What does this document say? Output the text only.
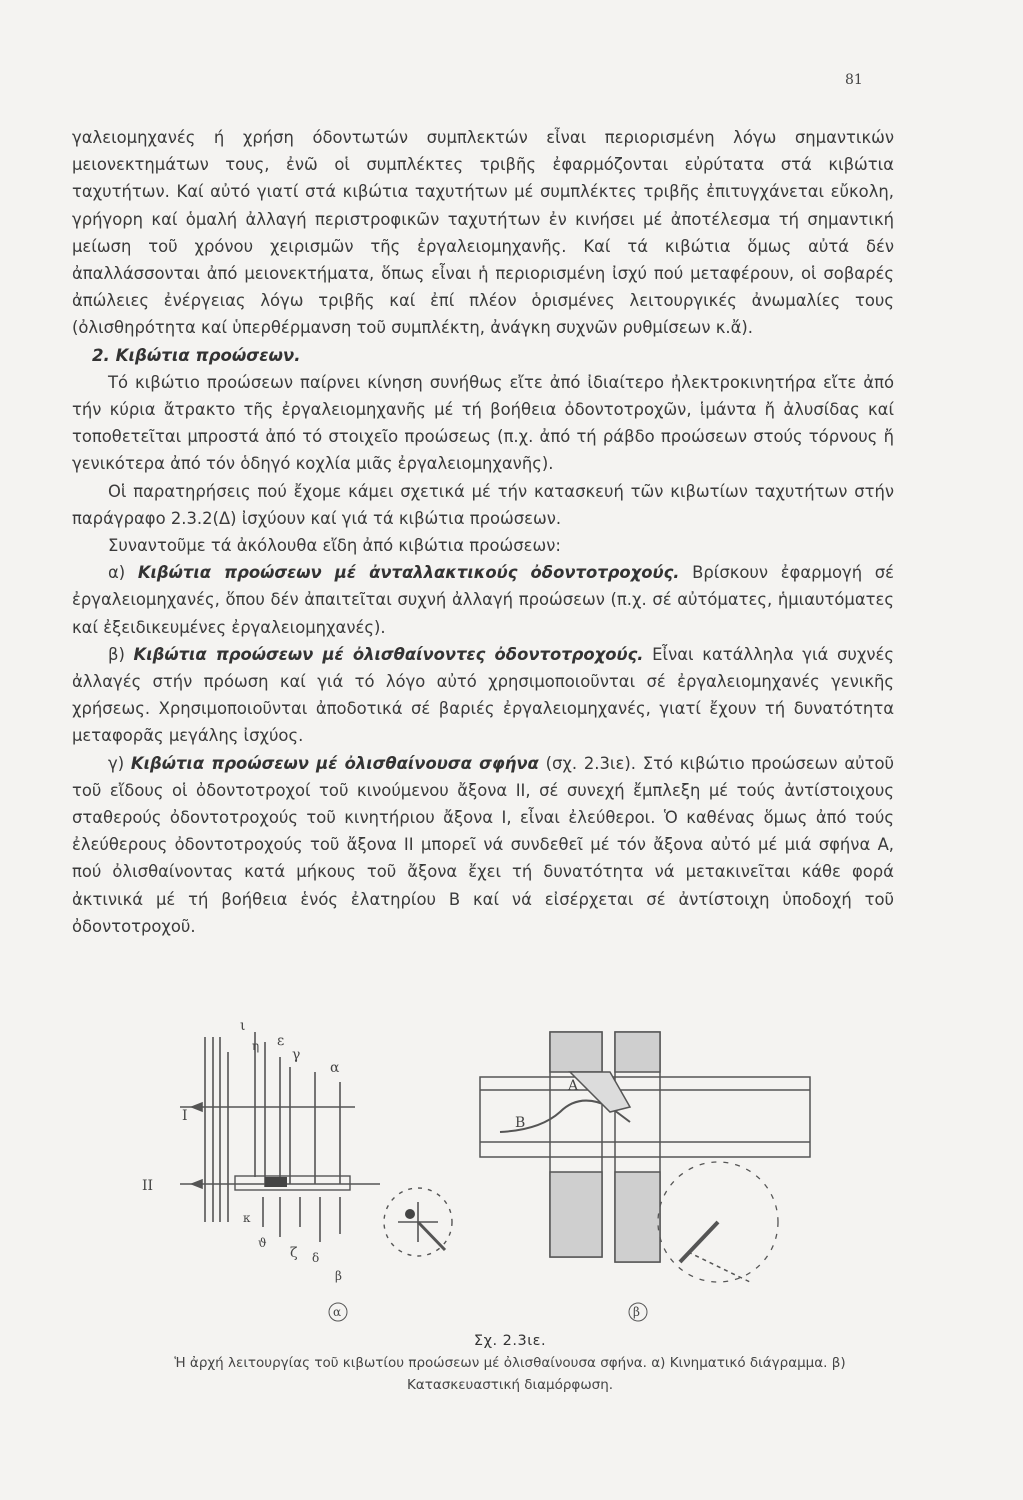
81

γαλειομηχανές ή χρήση όδοντωτών συμπλεκτών εἶναι περιορισμένη λόγω σημαντικών μειονεκτημάτων τους, ἐνῶ οἱ συμπλέκτες τριβῆς ἐφαρμόζονται εὐρύτατα στά κιβώτια ταχυτήτων. Καί αὐτό γιατί στά κιβώτια ταχυτήτων μέ συμπλέκτες τριβῆς ἐπιτυγχάνεται εὔκολη, γρήγορη καί ὁμαλή ἀλλαγή περιστροφικῶν ταχυτήτων ἐν κινήσει μέ ἀποτέλεσμα τή σημαντική μείωση τοῦ χρόνου χειρισμῶν τῆς ἐργαλειομηχανῆς. Καί τά κιβώτια ὅμως αὐτά δέν ἀπαλλάσσονται ἀπό μειονεκτήματα, ὅπως εἶναι ἡ περιορισμένη ἰσχύ πού μεταφέρουν, οἱ σοβαρές ἀπώλειες ἐνέργειας λόγω τριβῆς καί ἐπί πλέον ὁρισμένες λειτουργικές ἀνωμαλίες τους (ὀλισθηρότητα καί ὑπερθέρμανση τοῦ συμπλέκτη, ἀνάγκη συχνῶν ρυθμίσεων κ.ἄ).

2. Κιβώτια προώσεων.

Τό κιβώτιο προώσεων παίρνει κίνηση συνήθως εἴτε ἀπό ἰδιαίτερο ἠλεκτροκινητήρα εἴτε ἀπό τήν κύρια ἄτρακτο τῆς ἐργαλειομηχανῆς μέ τή βοήθεια ὀδοντοτροχῶν, ἱμάντα ἤ ἀλυσίδας καί τοποθετεῖται μπροστά ἀπό τό στοιχεῖο προώσεως (π.χ. ἀπό τή ράβδο προώσεων στούς τόρνους ἤ γενικότερα ἀπό τόν ὁδηγό κοχλία μιᾶς ἐργαλειομηχανῆς).

Οἱ παρατηρήσεις πού ἔχομε κάμει σχετικά μέ τήν κατασκευή τῶν κιβωτίων ταχυτήτων στήν παράγραφο 2.3.2(Δ) ἰσχύουν καί γιά τά κιβώτια προώσεων.

Συναντοῦμε τά ἀκόλουθα εἴδη ἀπό κιβώτια προώσεων:

α) Κιβώτια προώσεων μέ ἀνταλλακτικούς ὀδοντοτροχούς. Βρίσκουν ἐφαρμογή σέ ἐργαλειομηχανές, ὅπου δέν ἀπαιτεῖται συχνή ἀλλαγή προώσεων (π.χ. σέ αὐτόματες, ἡμιαυτόματες καί ἐξειδικευμένες ἐργαλειομηχανές).

β) Κιβώτια προώσεων μέ ὀλισθαίνοντες ὀδοντοτροχούς. Εἶναι κατάλληλα γιά συχνές ἀλλαγές στήν πρόωση καί γιά τό λόγο αὐτό χρησιμοποιοῦνται σέ ἐργαλειομηχανές γενικῆς χρήσεως. Χρησιμοποιοῦνται ἀποδοτικά σέ βαριές ἐργαλειομηχανές, γιατί ἔχουν τή δυνατότητα μεταφορᾶς μεγάλης ἰσχύος.

γ) Κιβώτια προώσεων μέ ὀλισθαίνουσα σφήνα (σχ. 2.3ιε). Στό κιβώτιο προώσεων αὐτοῦ τοῦ εἴδους οἱ ὀδοντοτροχοί τοῦ κινούμενου ἄξονα ΙΙ, σέ συνεχή ἔμπλεξη μέ τούς ἀντίστοιχους σταθερούς ὀδοντοτροχούς τοῦ κινητήριου ἄξονα Ι, εἶναι ἐλεύθεροι. Ὁ καθένας ὅμως ἀπό τούς ἐλεύθερους ὀδοντοτροχούς τοῦ ἄξονα ΙΙ μπορεῖ νά συνδεθεῖ μέ τόν ἄξονα αὐτό μέ μιά σφήνα Α, πού ὀλισθαίνοντας κατά μήκους τοῦ ἄξονα ἔχει τή δυνατότητα νά μετακινεῖται κάθε φορά ἀκτινικά μέ τή βοήθεια ἑνός ἐλατηρίου Β καί νά εἰσέρχεται σέ ἀντίστοιχη ὑποδοχή τοῦ ὀδοντοτροχοῦ.

ι
η ε
γ
α
I
II
κ
ϑ
ζ δ
β
A
B
α	β
Σχ. 2.3ιε.
Ἡ ἀρχή λειτουργίας τοῦ κιβωτίου προώσεων μέ ὀλισθαίνουσα σφήνα. α) Κινηματικό διάγραμμα. β)
Κατασκευαστική διαμόρφωση.
